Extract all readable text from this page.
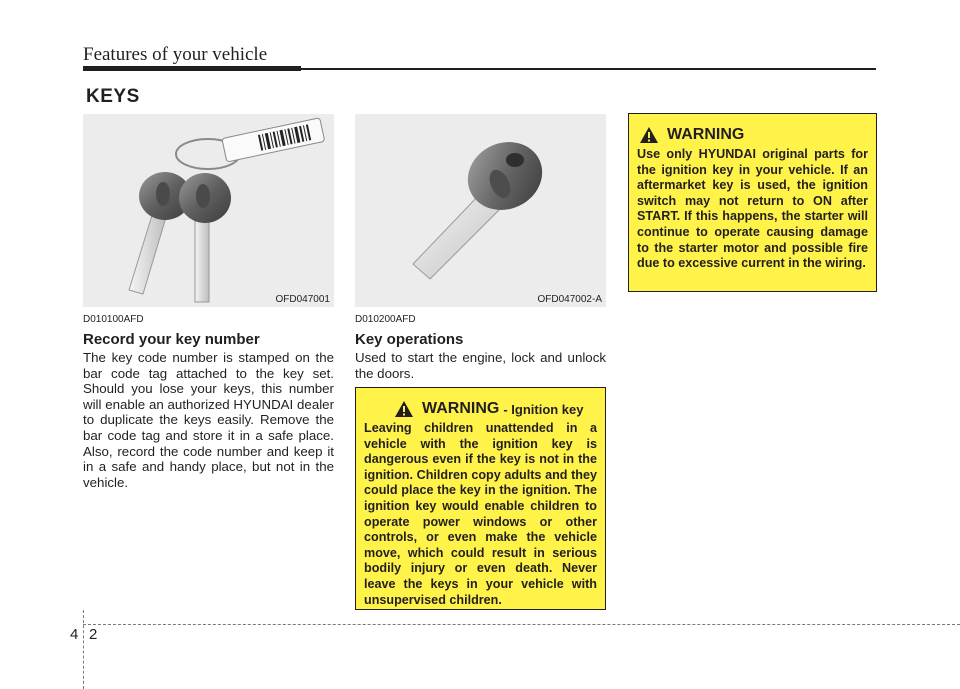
Features of your vehicle
KEYS
OFD047001	OFD047002-A
D010100AFD
Record your key number
The key code number is stamped on the bar code tag attached to the key set. Should you lose your keys, this number will enable an authorized HYUNDAI dealer to duplicate the keys easily. Remove the bar code tag and store it in a safe place. Also, record the code number and keep it in a safe and handy place, but not in the vehicle.
D010200AFD
Key operations
Used to start the engine, lock and unlock the doors.
WARNING - Ignition key
Leaving children unattended in a vehicle with the ignition key is dangerous even if the key is not in the ignition. Children copy adults and they could place the key in the ignition. The ignition key would enable children to operate power windows or other controls, or even make the vehicle move, which could result in serious bodily injury or even death. Never leave the keys in your vehicle with unsupervised children.
WARNING
Use only HYUNDAI original parts for the ignition key in your vehicle. If an aftermarket key is used, the ignition switch may not return to ON after START. If this happens, the starter will continue to operate causing damage to the starter motor and possible fire due to excessive current in the wiring.
4 2
